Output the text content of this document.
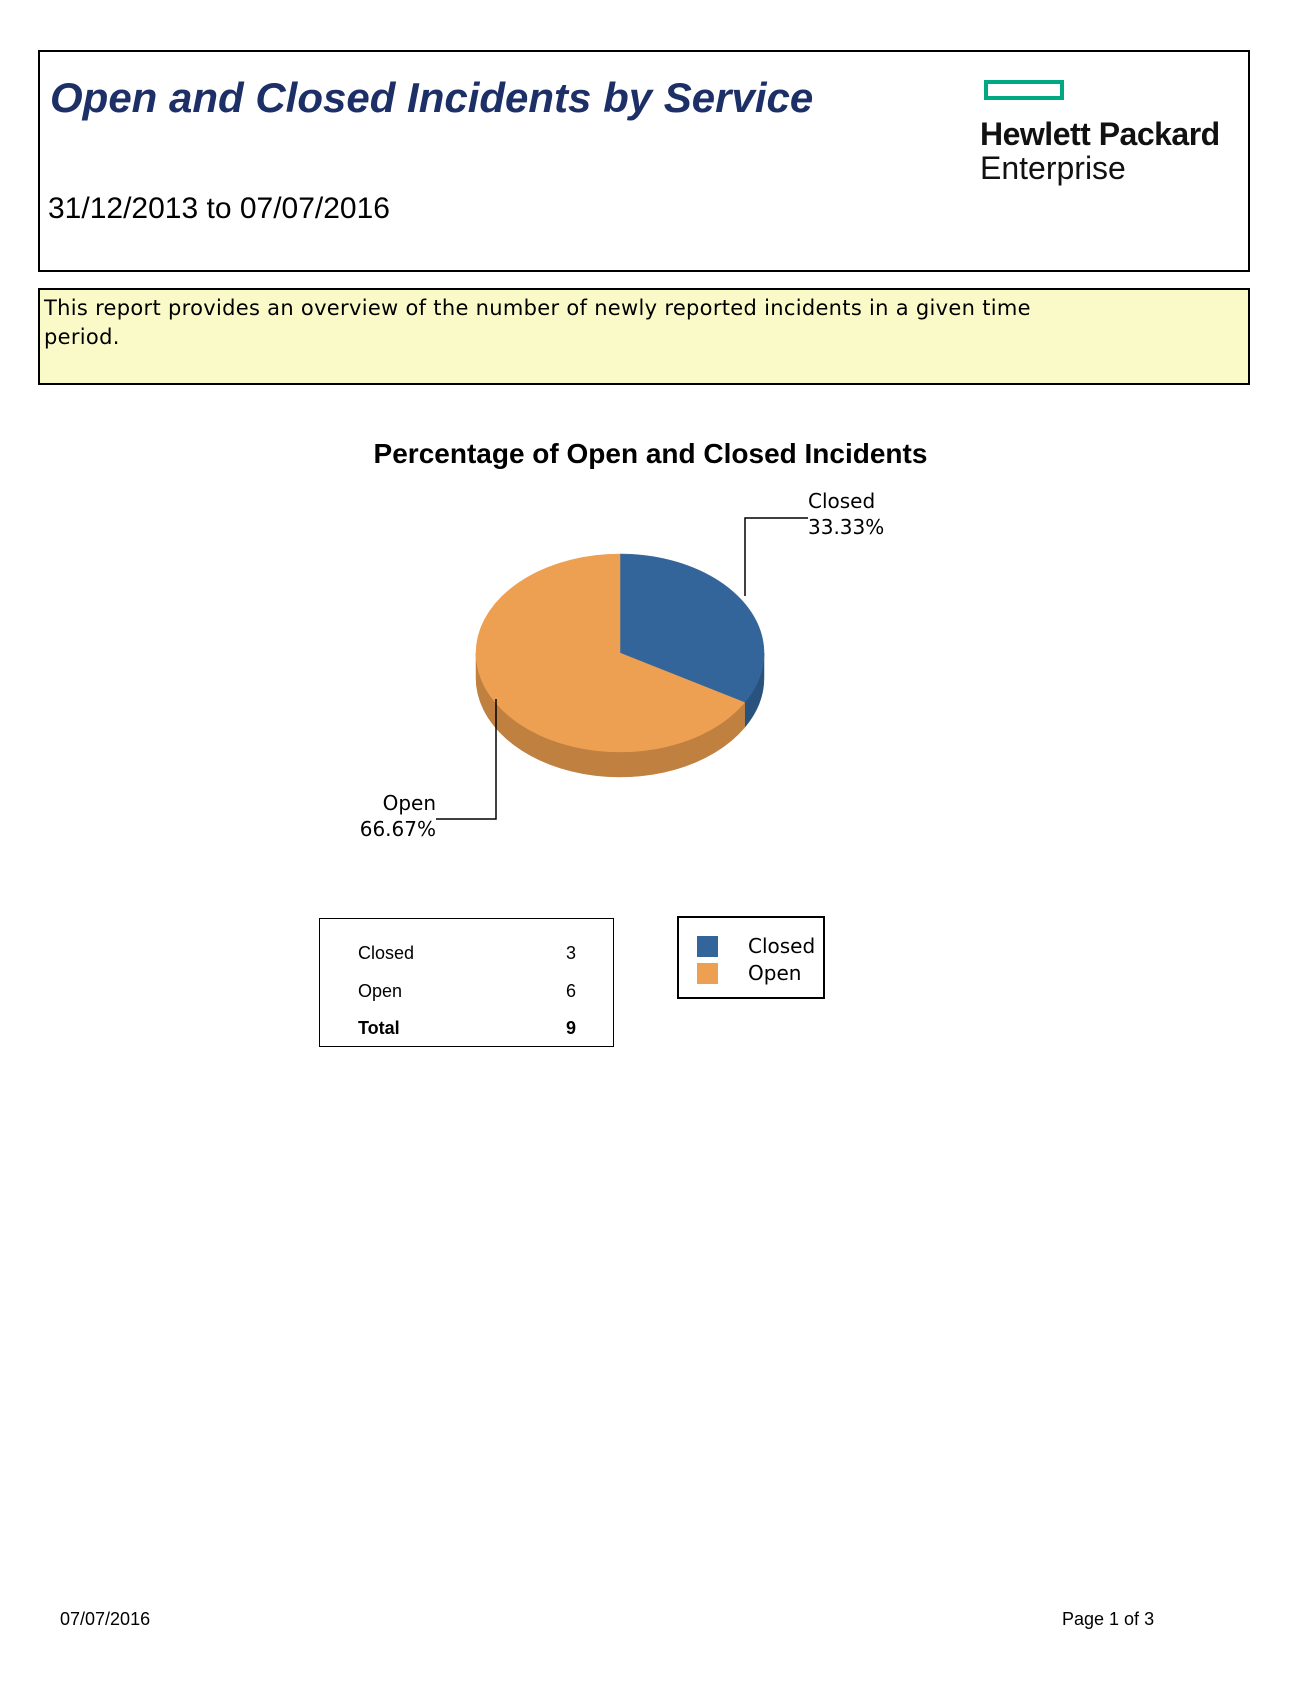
Open and Closed Incidents by Service
31/12/2013 to 07/07/2016
Hewlett Packard
Enterprise
This report provides an overview of the number of newly reported incidents in a given time period.
Percentage of Open and Closed Incidents
Closed
33.33%
Open
66.67%
Closed	3
Open	6
Total	9
Closed
Open
07/07/2016	Page 1 of 3
